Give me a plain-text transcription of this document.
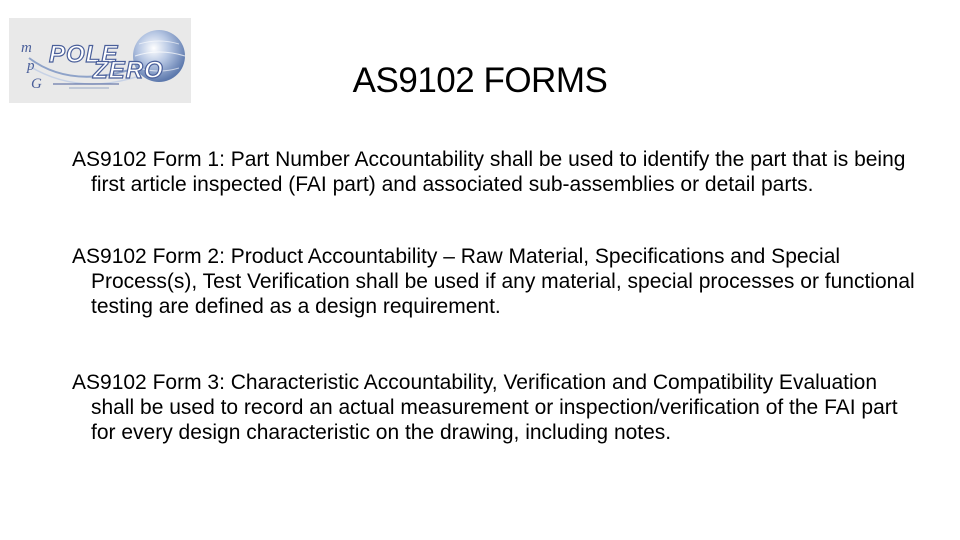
m
p
G
POLE
ZERO	AS9102 FORMS
AS9102 Form 1: Part Number Accountability shall be used to identify the part that is being first article inspected (FAI part) and associated sub-assemblies or detail parts.
AS9102 Form 2: Product Accountability – Raw Material, Specifications and Special Process(s), Test Verification shall be used if any material, special processes or functional testing are defined as a design requirement.
AS9102 Form 3: Characteristic Accountability, Verification and Compatibility Evaluation shall be used to record an actual measurement or inspection/verification of the FAI part for every design characteristic on the drawing, including notes.
